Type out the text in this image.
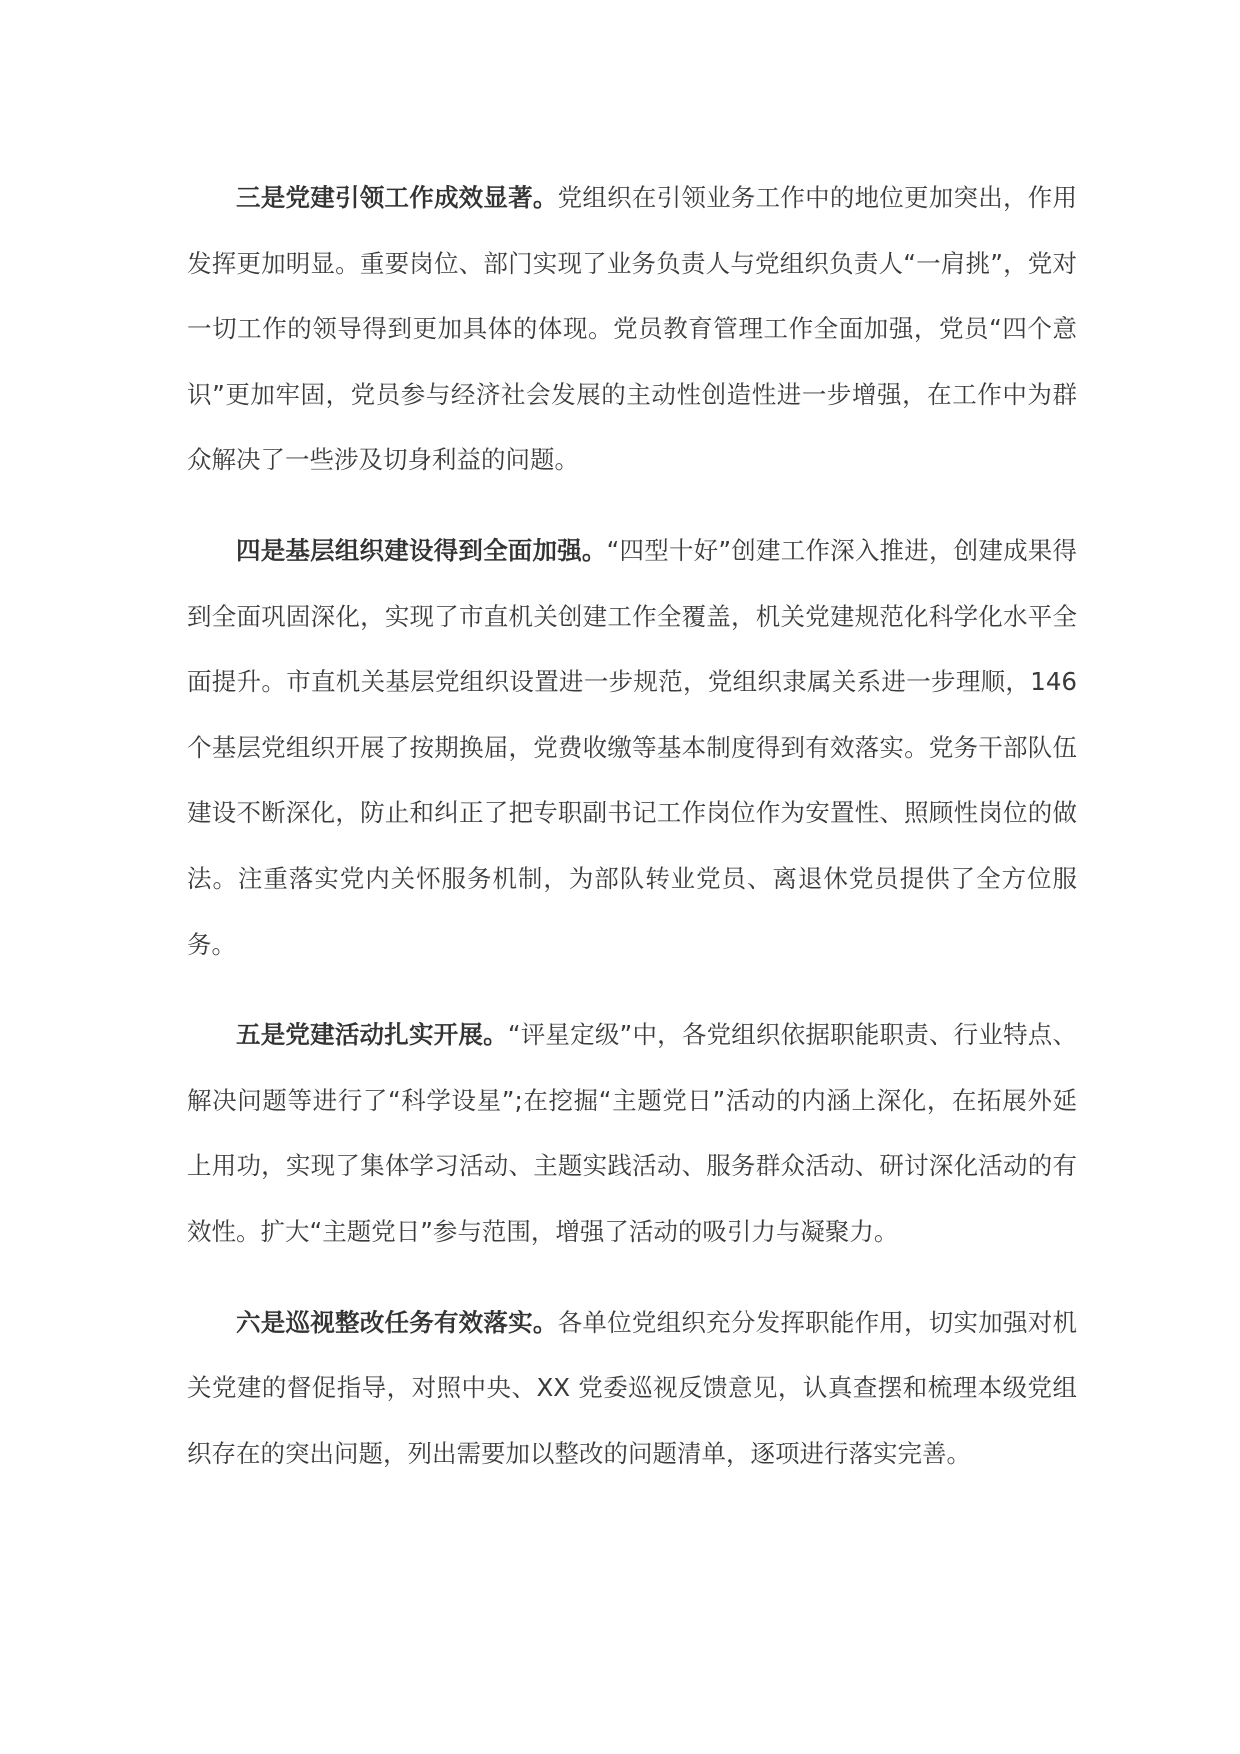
三是党建引领工作成效显著。党组织在引领业务工作中的地位更加突出，作用发挥更加明显。重要岗位、部门实现了业务负责人与党组织负责人“一肩挑”，党对一切工作的领导得到更加具体的体现。党员教育管理工作全面加强，党员“四个意识”更加牢固，党员参与经济社会发展的主动性创造性进一步增强，在工作中为群众解决了一些涉及切身利益的问题。

四是基层组织建设得到全面加强。“四型十好”创建工作深入推进，创建成果得到全面巩固深化，实现了市直机关创建工作全覆盖，机关党建规范化科学化水平全面提升。市直机关基层党组织设置进一步规范，党组织隶属关系进一步理顺，146 个基层党组织开展了按期换届，党费收缴等基本制度得到有效落实。党务干部队伍建设不断深化，防止和纠正了把专职副书记工作岗位作为安置性、照顾性岗位的做法。注重落实党内关怀服务机制，为部队转业党员、离退休党员提供了全方位服务。

五是党建活动扎实开展。“评星定级”中，各党组织依据职能职责、行业特点、解决问题等进行了“科学设星”;在挖掘“主题党日”活动的内涵上深化，在拓展外延上用功，实现了集体学习活动、主题实践活动、服务群众活动、研讨深化活动的有效性。扩大“主题党日”参与范围，增强了活动的吸引力与凝聚力。

六是巡视整改任务有效落实。各单位党组织充分发挥职能作用，切实加强对机关党建的督促指导，对照中央、XX 党委巡视反馈意见，认真查摆和梳理本级党组织存在的突出问题，列出需要加以整改的问题清单，逐项进行落实完善。
